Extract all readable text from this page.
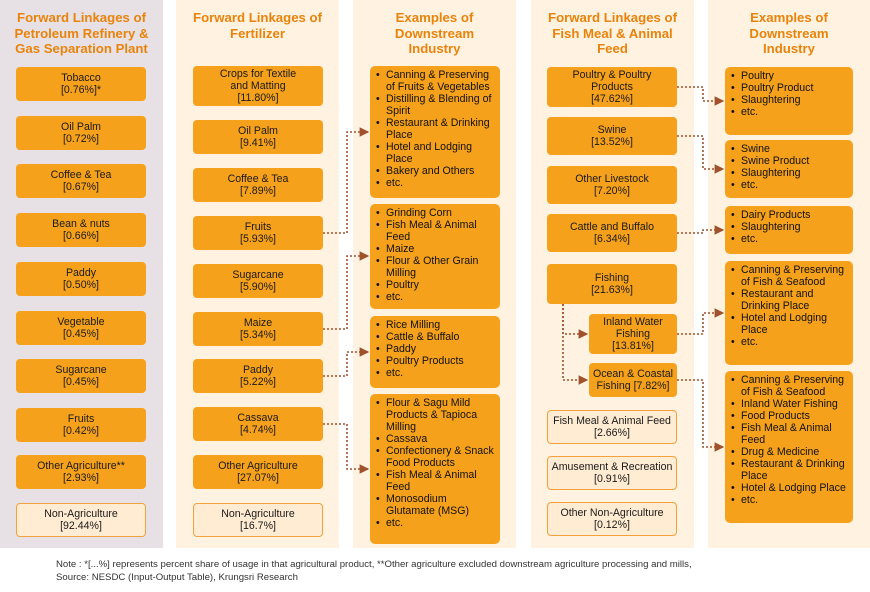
Forward Linkages of
Petroleum Refinery &
Gas Separation Plant
Forward Linkages of
Fertilizer
Examples of
Downstream
Industry
Forward Linkages of
Fish Meal & Animal
Feed
Examples of
Downstream
Industry
Tobacco
[0.76%]*
Oil Palm
[0.72%]
Coffee & Tea
[0.67%]
Bean & nuts
[0.66%]
Paddy
[0.50%]
Vegetable
[0.45%]
Sugarcane
[0.45%]
Fruits
[0.42%]
Other Agriculture**
[2.93%]
Non-Agriculture
[92.44%]
Crops for Textile
and Matting
[11.80%]
Oil Palm
[9.41%]
Coffee & Tea
[7.89%]
Fruits
[5.93%]
Sugarcane
[5.90%]
Maize
[5.34%]
Paddy
[5.22%]
Cassava
[4.74%]
Other Agriculture
[27.07%]
Non-Agriculture
[16.7%]
• Canning & Preserving
of Fruits & Vegetables
• Distilling & Blending of
Spirit
• Restaurant & Drinking
Place
• Hotel and Lodging
Place
• Bakery and Others
• etc.
• Grinding Corn
• Fish Meal & Animal
Feed
• Maize
• Flour & Other Grain
Milling
• Poultry
• etc.
• Rice Milling
• Cattle & Buffalo
• Paddy
• Poultry Products
• etc.
• Flour & Sagu Mild
Products & Tapioca
Milling
• Cassava
• Confectionery & Snack
Food Products
• Fish Meal & Animal
Feed
• Monosodium
Glutamate (MSG)
• etc.
Poultry & Poultry
Products
[47.62%]
Swine
[13.52%]
Other Livestock
[7.20%]
Cattle and Buffalo
[6.34%]
Fishing
[21.63%]
Inland Water
Fishing
[13.81%]
Ocean & Coastal
Fishing [7.82%]
Fish Meal & Animal Feed
[2.66%]
Amusement & Recreation
[0.91%]
Other Non-Agriculture
[0.12%]
• Poultry
• Poultry Product
• Slaughtering
• etc.
• Swine
• Swine Product
• Slaughtering
• etc.
• Dairy Products
• Slaughtering
• etc.
• Canning & Preserving
of Fish & Seafood
• Restaurant and
Drinking Place
• Hotel and Lodging
Place
• etc.
• Canning & Preserving
of Fish & Seafood
• Inland Water Fishing
• Food Products
• Fish Meal & Animal
Feed
• Drug & Medicine
• Restaurant & Drinking
Place
• Hotel & Lodging Place
• etc.
Note : *[...%] represents percent share of usage in that agricultural product, **Other agriculture excluded downstream agriculture processing and mills,
Source: NESDC (Input-Output Table), Krungsri Research
